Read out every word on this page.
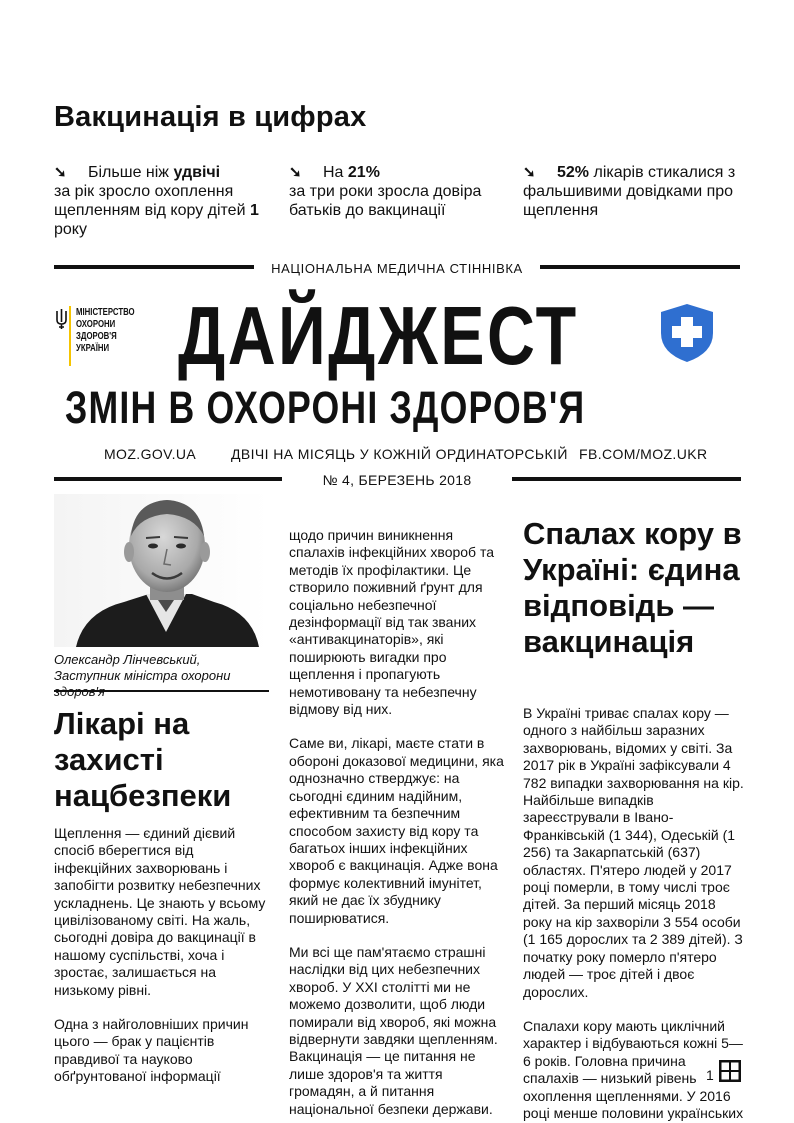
Вакцинація в цифрах
➘ Більше ніж удвічі
за рік зросло охоплення щепленням від кору дітей 1 року
➘ На 21%
за три роки зросла довіра батьків до вакцинації
➘ 52% лікарів стикалися з фальшивими довідками про щеплення
НАЦІОНАЛЬНА МЕДИЧНА СТІННІВКА
МІНІСТЕРСТВО
ОХОРОНИ
ЗДОРОВ'Я
УКРАЇНИ ДАЙДЖЕСТ
ЗМІН В ОХОРОНІ ЗДОРОВ'Я
MOZ.GOV.UA ДВІЧІ НА МІСЯЦЬ У КОЖНІЙ ОРДИНАТОРСЬКІЙ FB.COM/MOZ.UKR
№ 4, БЕРЕЗЕНЬ 2018
Олександр Лінчевський,
Заступник міністра охорони
Лікарі на захисті нацбезпеки

Щеплення — єдиний дієвий спосіб вберегтися від інфекційних захворювань і запобігти розвитку небезпечних ускладнень. Це знають у всьому цивілізованому світі. На жаль, сьогодні довіра до вакцинації в нашому суспільстві, хоча і зростає, залишається на низькому рівні.

Одна з найголовніших причин цього — брак у пацієнтів правдивої та науково обґрунтованої інформації

щодо причин виникнення спалахів інфекційних хвороб та методів їх профілактики. Це створило поживний ґрунт для соціально небезпечної дезінформації від так званих «антивакцинаторів», які поширюють вигадки про щеплення і пропагують немотивовану та небезпечну відмову від них.

Саме ви, лікарі, маєте стати в обороні доказової медицини, яка однозначно стверджує: на сьогодні єдиним надійним, ефективним та безпечним способом захисту від кору та багатьох інших інфекційних хвороб є вакцинація. Адже вона формує колективний імунітет, який не дає їх збуднику поширюватися.

Ми всі ще пам'ятаємо страшні наслідки від цих небезпечних хвороб. У XXI столітті ми не можемо дозволити, щоб люди помирали від хвороб, які можна відвернути завдяки щепленням. Вакцинація — це питання не лише здоров'я та життя громадян, а й питання національної безпеки держави.

Спалах кору в Україні: єдина відповідь — вакцинація

В Україні триває спалах кору — одного з найбільш заразних захворювань, відомих у світі. За 2017 рік в Україні зафіксували 4 782 випадки захворювання на кір. Найбільше випадків зареєстрували в Івано-Франківській (1 344), Одеській (1 256) та Закарпатській (637) областях. П'ятеро людей у 2017 році померли, в тому числі троє дітей. За перший місяць 2018 року на кір захворіли 3 554 особи (1 165 дорослих та 2 389 дітей). З початку року померло п'ятеро людей — троє дітей і двоє дорослих.

Спалахи кору мають циклічний характер і відбуваються кожні 5—6 років. Головна причина спалахів — низький рівень охоплення щепленнями. У 2016 році менше половини українських

1
